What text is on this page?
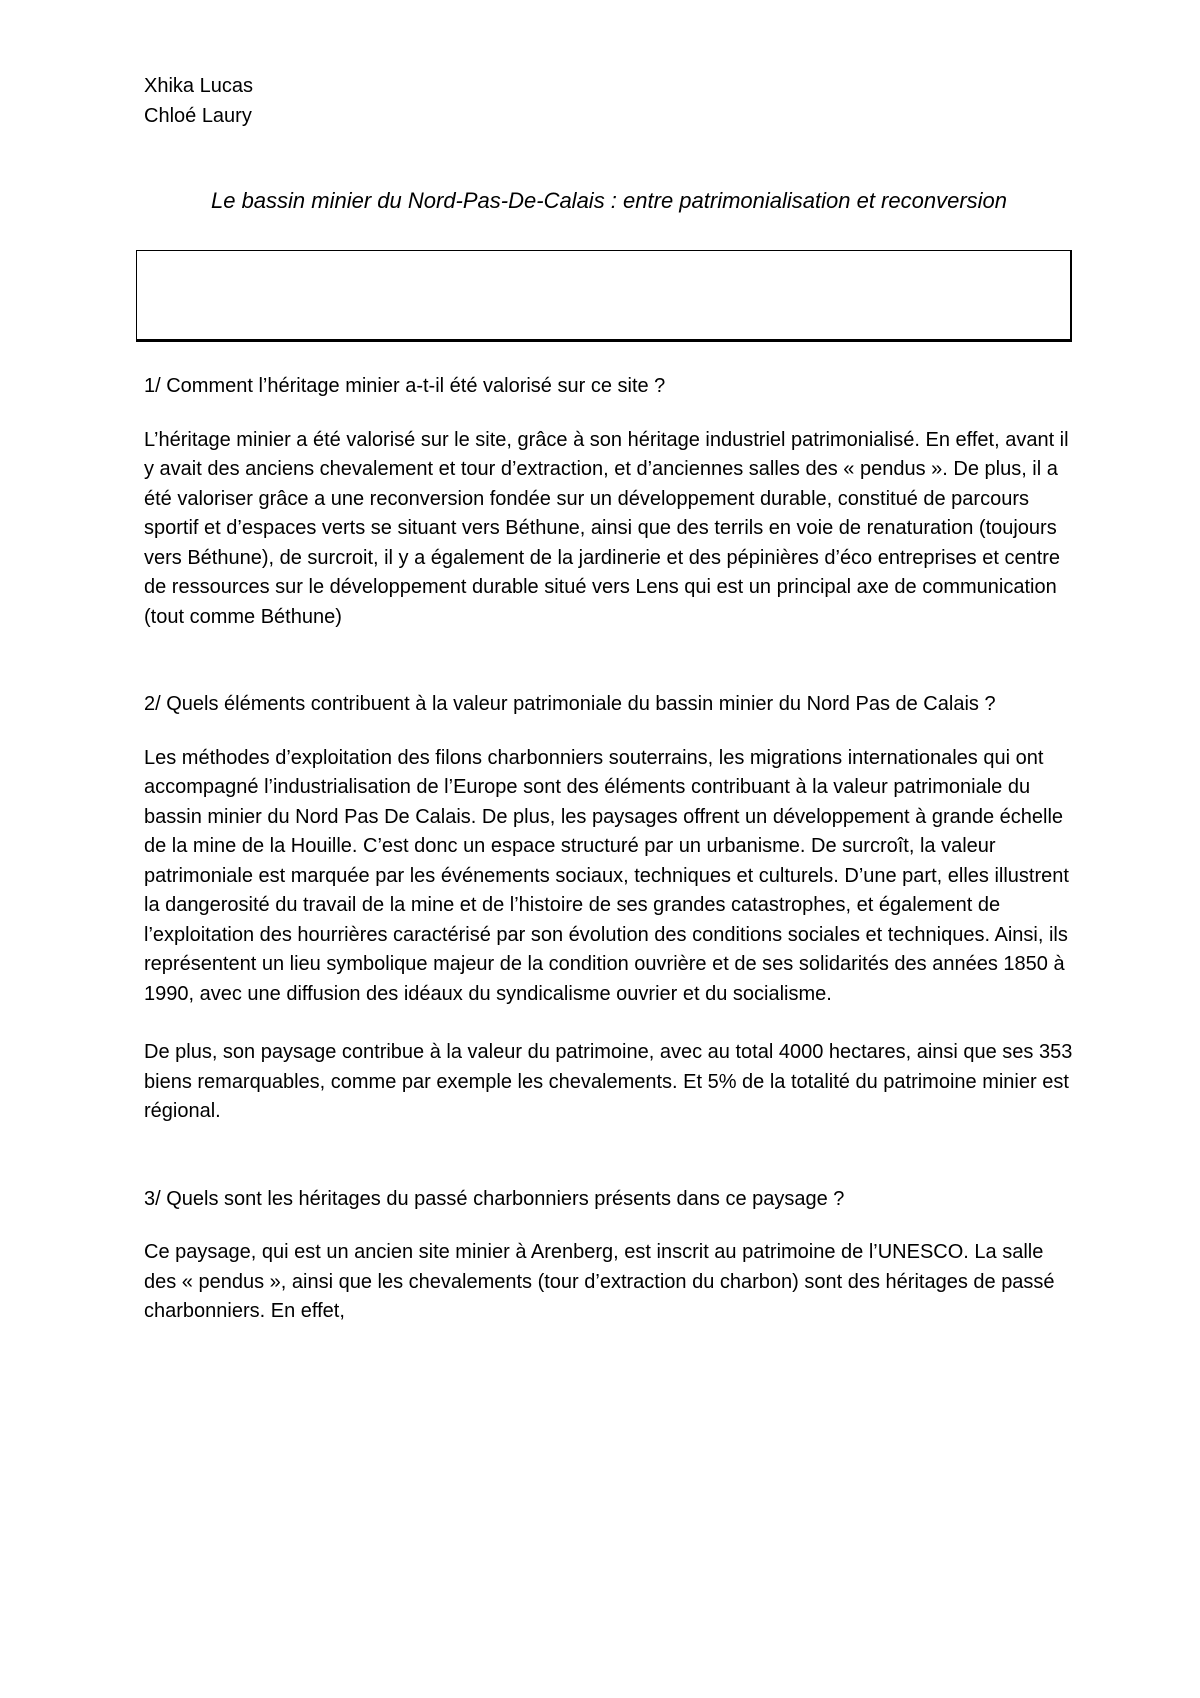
Xhika Lucas

Chloé Laury

Le bassin minier du Nord-Pas-De-Calais : entre patrimonialisation et reconversion

1/ Comment l’héritage minier a-t-il été valorisé sur ce site ?

L’héritage minier a été valorisé sur le site, grâce à son héritage industriel patrimonialisé. En effet, avant il y avait des anciens chevalement et tour d’extraction, et d’anciennes salles des « pendus ». De plus, il a été valoriser grâce a une reconversion fondée sur un développement durable, constitué de parcours sportif et d’espaces verts se situant vers Béthune, ainsi que des terrils en voie de renaturation (toujours vers Béthune), de surcroit, il y a également de la jardinerie et des pépinières d’éco entreprises et centre de ressources sur le développement durable situé vers Lens qui est un principal axe de communication (tout comme Béthune)

2/ Quels éléments contribuent à la valeur patrimoniale du bassin minier du Nord Pas de Calais ?

Les méthodes d’exploitation des filons charbonniers souterrains, les migrations internationales qui ont accompagné l’industrialisation de l’Europe sont des éléments contribuant à la valeur patrimoniale du bassin minier du Nord Pas De Calais. De plus, les paysages offrent un développement à grande échelle de la mine de la Houille. C’est donc un espace structuré par un urbanisme. De surcroît, la valeur patrimoniale est marquée par les événements sociaux, techniques et culturels. D’une part, elles illustrent la dangerosité du travail de la mine et de l’histoire de ses grandes catastrophes, et également de l’exploitation des hourrières caractérisé par son évolution des conditions sociales et techniques. Ainsi, ils représentent un lieu symbolique majeur de la condition ouvrière et de ses solidarités des années 1850 à 1990, avec une diffusion des idéaux du syndicalisme ouvrier et du socialisme.

De plus, son paysage contribue à la valeur du patrimoine, avec au total 4000 hectares, ainsi que ses 353 biens remarquables, comme par exemple les chevalements. Et 5% de la totalité du patrimoine minier est régional.

3/ Quels sont les héritages du passé charbonniers présents dans ce paysage ?

Ce paysage, qui est un ancien site minier à Arenberg, est inscrit au patrimoine de l’UNESCO. La salle des « pendus », ainsi que les chevalements (tour d’extraction du charbon) sont des héritages de passé charbonniers. En effet,
